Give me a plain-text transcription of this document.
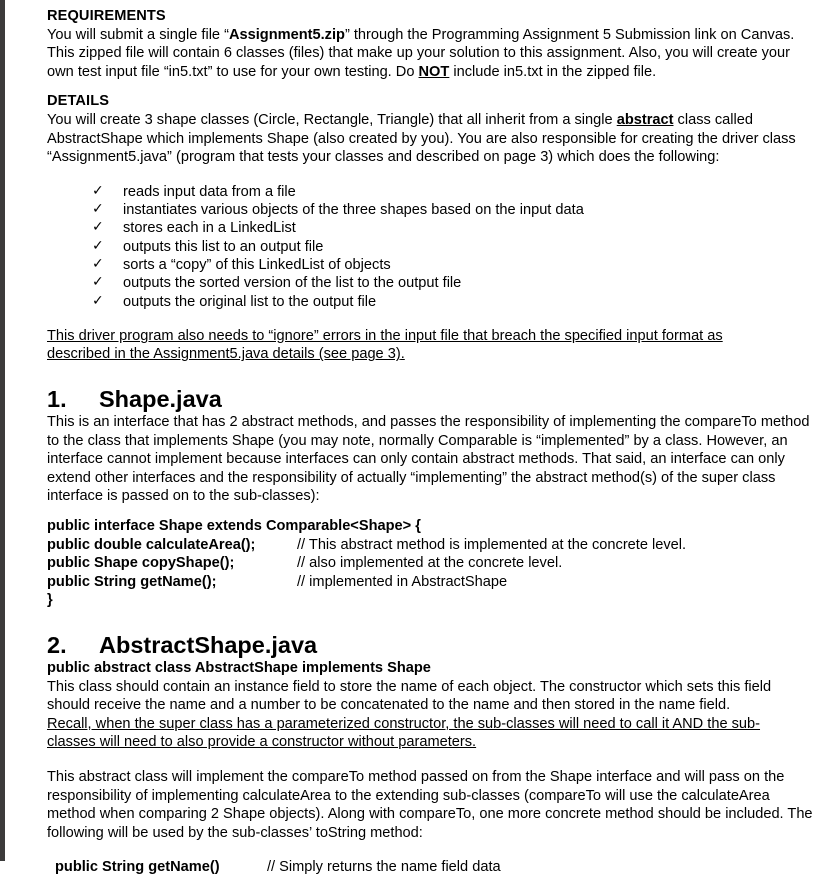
REQUIREMENTS

You will submit a single file “Assignment5.zip” through the Programming Assignment 5 Submission link on Canvas. This zipped file will contain 6 classes (files) that make up your solution to this assignment. Also, you will create your own test input file “in5.txt” to use for your own testing. Do NOT include in5.txt in the zipped file.

DETAILS

You will create 3 shape classes (Circle, Rectangle, Triangle) that all inherit from a single abstract class called AbstractShape which implements Shape (also created by you). You are also responsible for creating the driver class “Assignment5.java” (program that tests your classes and described on page 3) which does the following:

✓ reads input data from a file
✓ instantiates various objects of the three shapes based on the input data
✓ stores each in a LinkedList
✓ outputs this list to an output file
✓ sorts a “copy” of this LinkedList of objects
✓ outputs the sorted version of the list to the output file
✓ outputs the original list to the output file
This driver program also needs to “ignore” errors in the input file that breach the specified input format as
described in the Assignment5.java details (see page 3).
1. Shape.java

This is an interface that has 2 abstract methods, and passes the responsibility of implementing the compareTo method to the class that implements Shape (you may note, normally Comparable is “implemented” by a class. However, an interface cannot implement because interfaces can only contain abstract methods. That said, an interface can only extend other interfaces and the responsibility of actually “implementing” the abstract method(s) of the super class interface is passed on to the sub-classes):

public interface Shape extends Comparable<Shape> {
public double calculateArea();	// This abstract method is implemented at the concrete level.
public Shape copyShape();	// also implemented at the concrete level.
public String getName();	// implemented in AbstractShape
}
2. AbstractShape.java
public abstract class AbstractShape implements Shape

This class should contain an instance field to store the name of each object. The constructor which sets this field should receive the name and a number to be concatenated to the name and then stored in the name field.

Recall, when the super class has a parameterized constructor, the sub-classes will need to call it AND the sub-
classes will need to also provide a constructor without parameters.

This abstract class will implement the compareTo method passed on from the Shape interface and will pass on the responsibility of implementing calculateArea to the extending sub-classes (compareTo will use the calculateArea method when comparing 2 Shape objects). Along with compareTo, one more concrete method should be included. The following will be used by the sub-classes’ toString method:

public String getName()	// Simply returns the name field data
